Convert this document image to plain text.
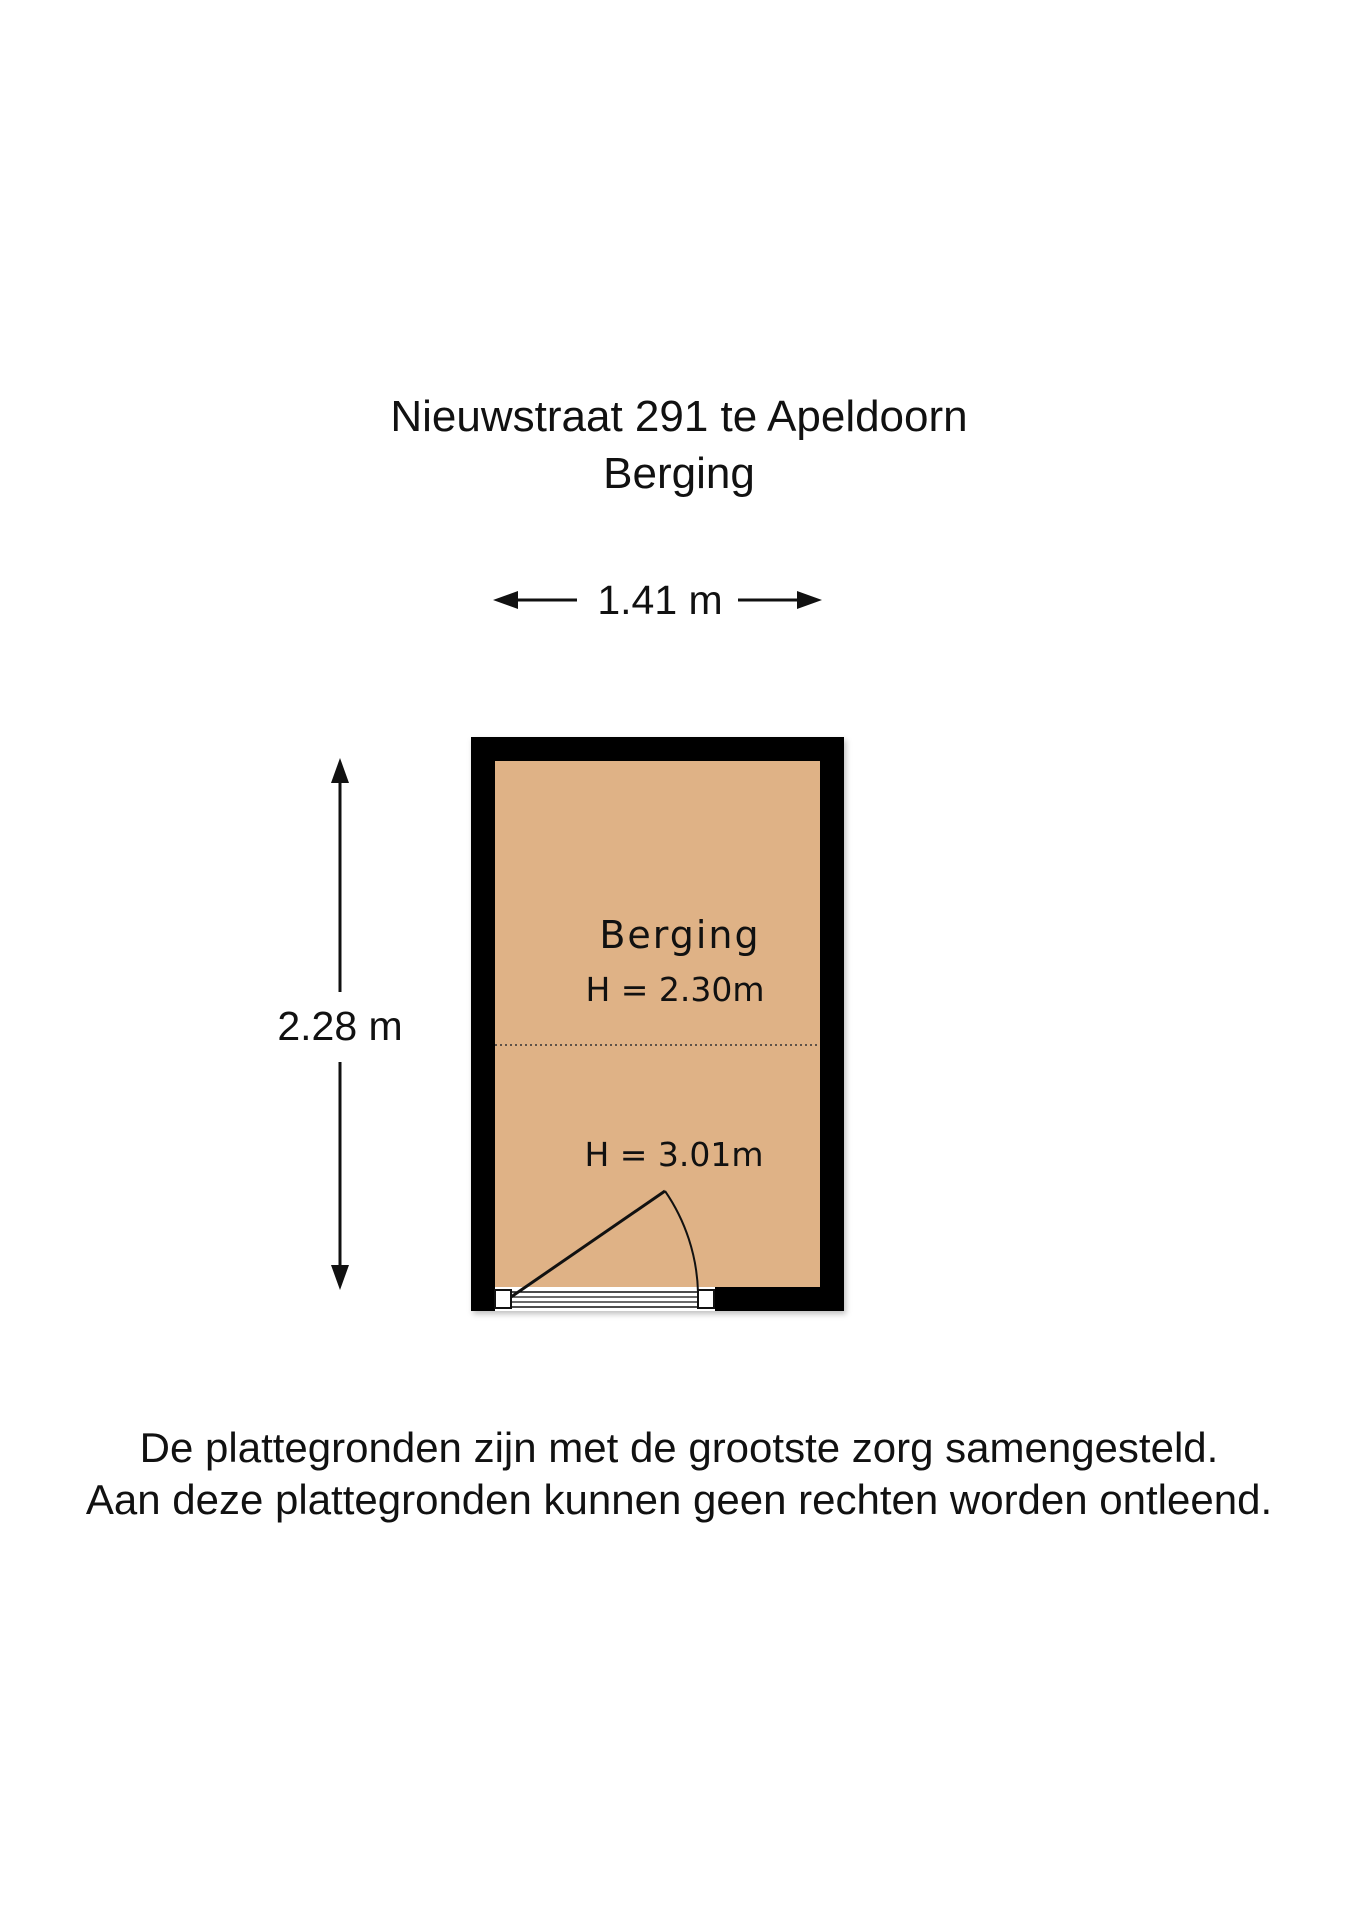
Nieuwstraat 291 te Apeldoorn
Berging
1.41 m
2.28 m
Berging
H = 2.30m
H = 3.01m
De plattegronden zijn met de grootste zorg samengesteld.
Aan deze plattegronden kunnen geen rechten worden ontleend.
